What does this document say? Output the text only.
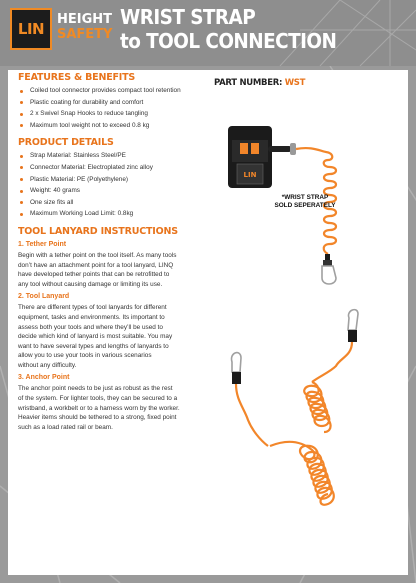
LIN
HEIGHT
SAFETY
WRIST STRAP
to TOOL CONNECTION
FEATURES & BENEFITS
Coiled tool connector provides compact tool retention
Plastic coating for durability and comfort
2 x Swivel Snap Hooks to reduce tangling
Maximum tool weight not to exceed 0.8 kg
PRODUCT DETAILS
Strap Material: Stainless Steel/PE
Connector Material: Electroplated zinc alloy
Plastic Material: PE (Polyethylene)
Weight: 40 grams
One size fits all
Maximum Working Load Limit: 0.8kg
TOOL LANYARD INSTRUCTIONS
1. Tether Point
Begin with a tether point on the tool itself. As many tools
don’t have an attachment point for a tool lanyard, LINQ
have developed tether points that can be retrofitted to
any tool without causing damage or limiting its use.
2. Tool Lanyard
There are different types of tool lanyards for different
equipment, tasks and environments. Its important to
assess both your tools and where they’ll be used to
decide which kind of lanyard is most suitable. You may
want to have several types and lengths of lanyards to
allow you to use your tools in various scenarios
without any difficulty.
3. Anchor Point
The anchor point needs to be just as robust as the rest
of the system. For lighter tools, they can be secured to a
wristband, a workbelt or to a harness worn by the worker.
Heavier items should be tethered to a strong, fixed point
such as a load rated rail or beam.
PART NUMBER: WST
LIN
*WRIST STRAP
SOLD SEPERATELY
